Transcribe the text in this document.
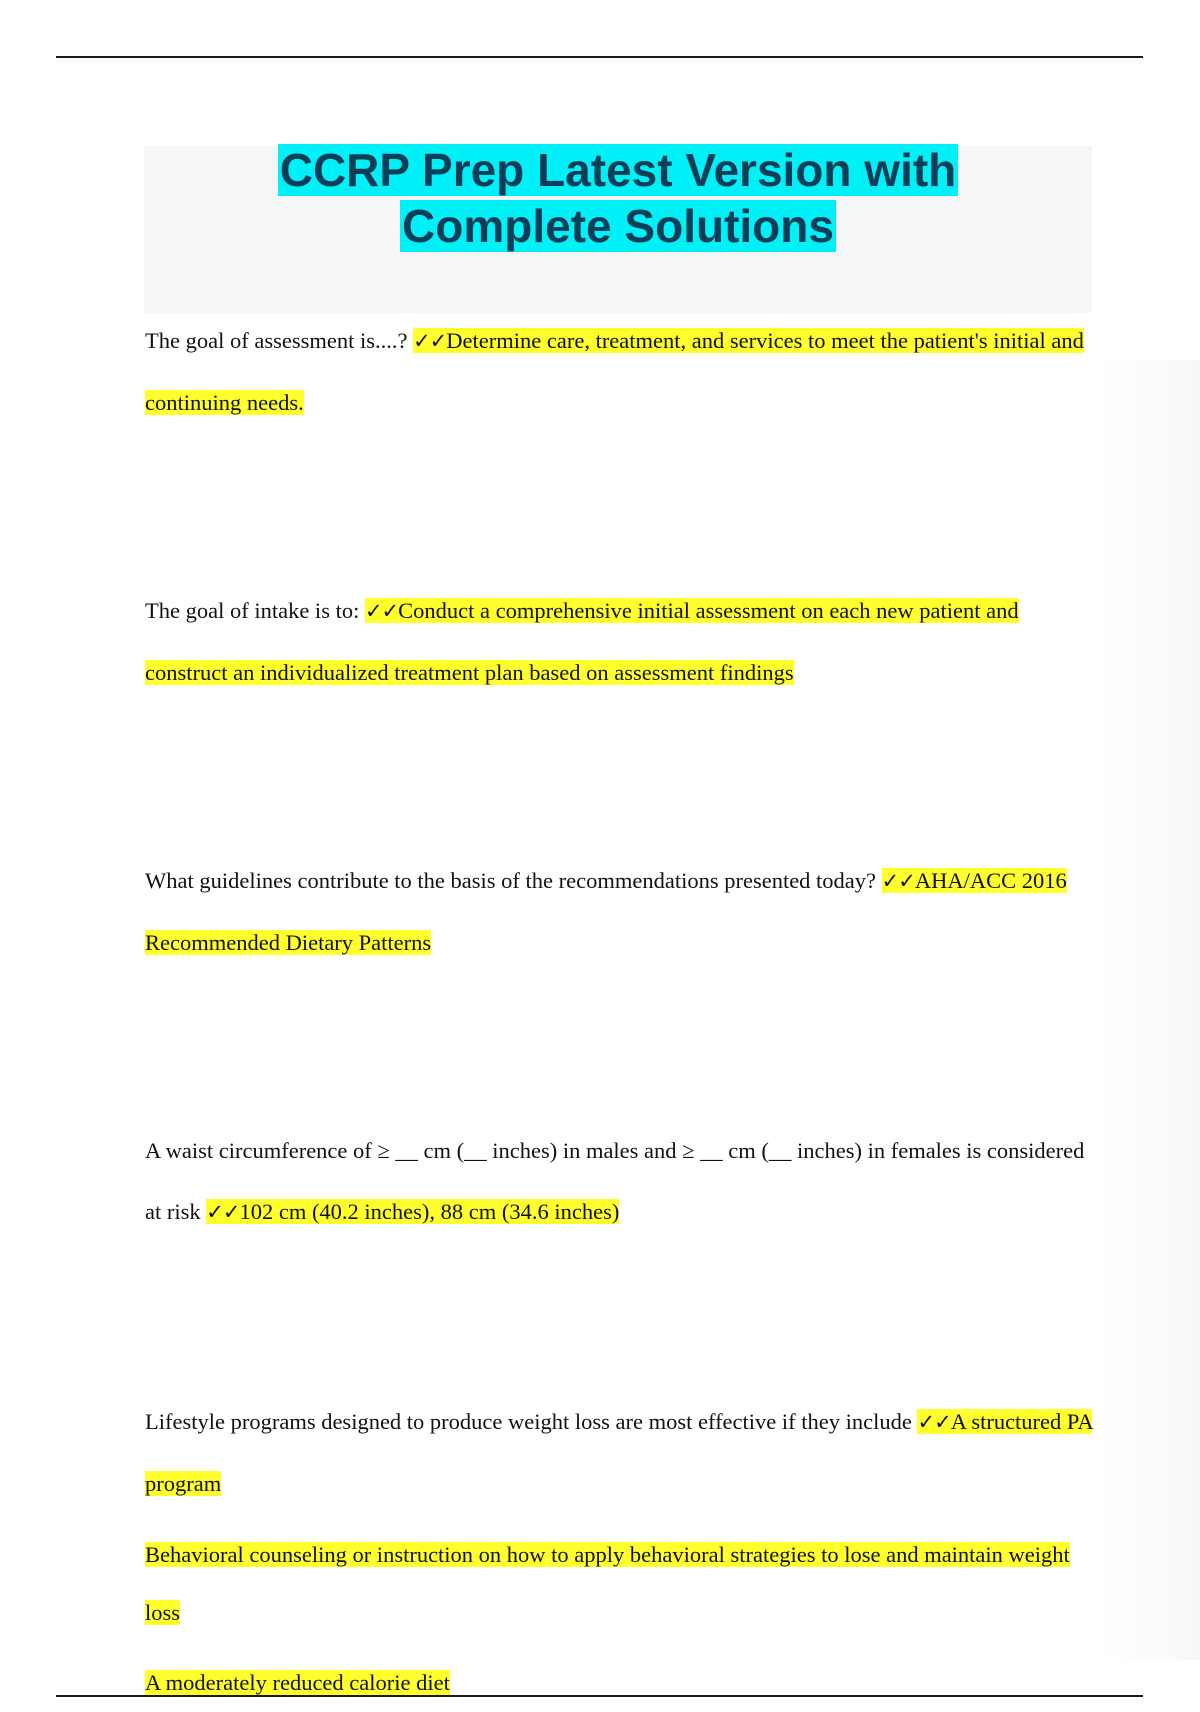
CCRP Prep Latest Version with
Complete Solutions

The goal of assessment is....? ✓✓Determine care, treatment, and services to meet the patient's initial and continuing needs.

The goal of intake is to: ✓✓Conduct a comprehensive initial assessment on each new patient and construct an individualized treatment plan based on assessment findings

What guidelines contribute to the basis of the recommendations presented today? ✓✓AHA/ACC 2016 Recommended Dietary Patterns

A waist circumference of ≥ __ cm (__ inches) in males and ≥ __ cm (__ inches) in females is considered at risk ✓✓102 cm (40.2 inches), 88 cm (34.6 inches)

Lifestyle programs designed to produce weight loss are most effective if they include ✓✓A structured PA program

Behavioral counseling or instruction on how to apply behavioral strategies to lose and maintain weight loss

A moderately reduced calorie diet
